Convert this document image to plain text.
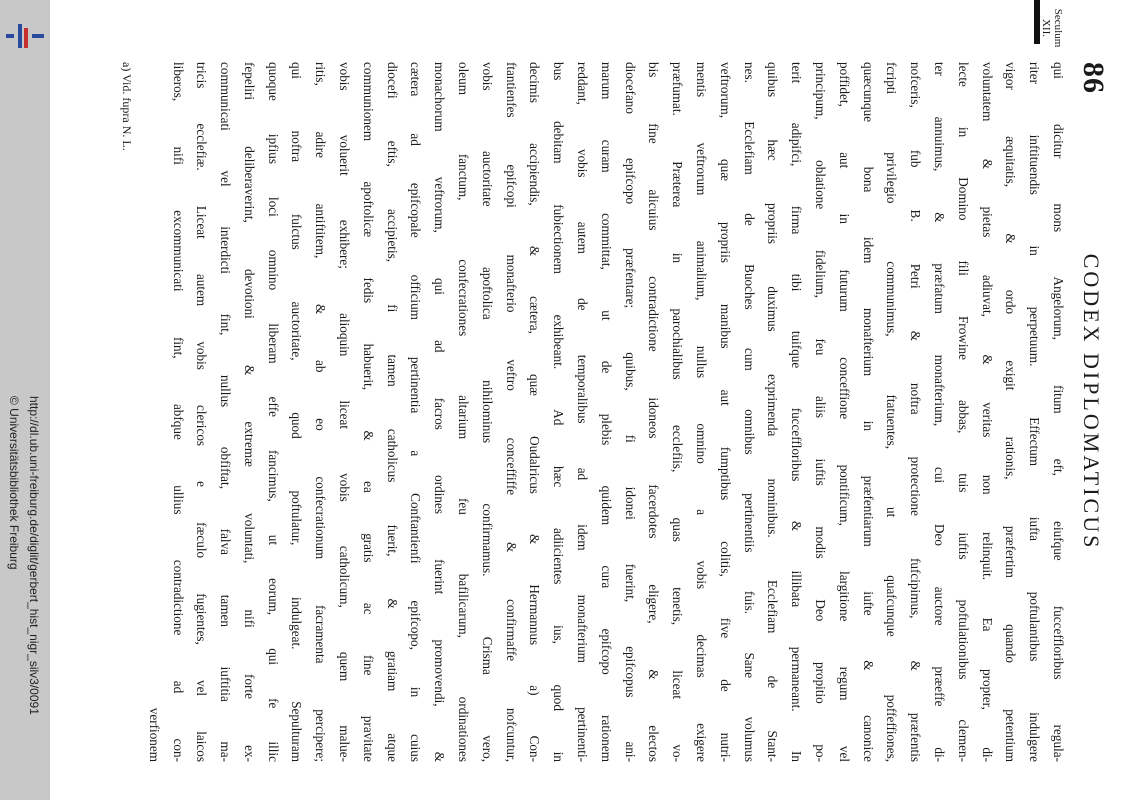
http://dl.ub.uni-freiburg.de/diglit/gerbert_hist_nigr_silv3/0091
© Universitätsbibliothek Freiburg
86
CODEX DIPLOMATICUS
Seculum
XII.
qui dicitur mons Angelorum, fitum eft, eiufque fucceffloribus regula-
riter inftituendis in perpetuum. Effectum iufta poftulantibus indulgere
vigor æquitatis, & ordo exigit rationis, præfertim quando petentium
voluntatem & pietas adiuvat, & veritas non relinquit. Ea propter, di-
lecte in Domino fili Frowine abbas, tuis iuftis poftulationibus clemen-
ter annuimus, & præfatum monafterium, cui Deo auctore præeffe di-
nofceris, fub B. Petri & noftra protectione fufcipimus, & præfentis
fcripti privilegio communimus, ftatuentes, ut quafcunque poffeffiones,
quæcunque bona idem monafterium in præfentiarum iufte & canonice
poffidet, aut in futurum conceffione pontificum, largitione regum vel
principum, oblatione fidelium, feu aliis iuftis modis Deo propitio po-
terit adipifci, firma tibi tuifque fucceffloribus & illibata permaneant. In
quibus hæc propriis duximus exprimenda nominibus. Ecclefiam de Stant-
nes. Ecclefiam de Buoches cum omnibus pertinentiis fuis. Sane volumus
veftrorum, quæ propriis manibus aut fumptibus colitis, five de nutri-
mentis veftrorum animalium, nullus omnino a vobis decimas exigere
præfumat. Præterea in parochialibus ecclefiis, quas tenetis, liceat vo-
bis fine alicuius contradictione idoneos facerdotes eligere, & electos
diocefano epifcopo præfentare; quibus, fi idonei fuerint, epifcopus ani-
marum curam committat, ut de plebis quidem cura epifcopo rationem
reddant, vobis autem de temporalibus ad idem monafterium pertinenti-
bus debitam fubiectionem exhibeant. Ad hæc adiicientes ius, quod in
decimis accipiendis, & cætera, quæ Oudalricus & Hermannus a) Con-
ftantienfes epifcopi monafterio veftro conceffiffe & confirmaffe nofcuntur,
vobis auctoritate apoftolica nihilominus confirmamus. Crisma vero,
oleum fanctum, confecrationes altarium feu bafilicarum, ordinationes
monachorum veftrorum, qui ad facros ordines fuerint promovendi, &
cætera ad epifcopale officium pertinentia a Conftantienfi epifcopo, in cuius
diocefi eftis, accipietis, fi tamen catholicus fuerit, & gratiam atque
communionem apoftolicæ fedis habuerit, & ea gratis ac fine pravitate
vobis voluerit exhibere; alioquin liceat vobis catholicum, quem malue-
ritis, adire antiftitem, & ab eo confecrationum facramenta percipere;
qui noftra fulctus auctoritate, quod poftulatur, indulgeat. Sepulturam
quoque ipfius loci omnino liberam effe fancimus, ut eorum, qui fe illic
fepeliri deliberaverint, devotioni & extremæ voluntati, nifi forte ex-
communicati vel interdicti fint, nullus obfiftat, falva tamen iuftitia ma-
tricis ecclefiæ. Liceat autem vobis clericos e fæculo fugientes, vel laicos
liberos, nifi excommunicati fint, abfque ullius contradictione ad con-
verfionem
a) Vid. fupra N. L.
